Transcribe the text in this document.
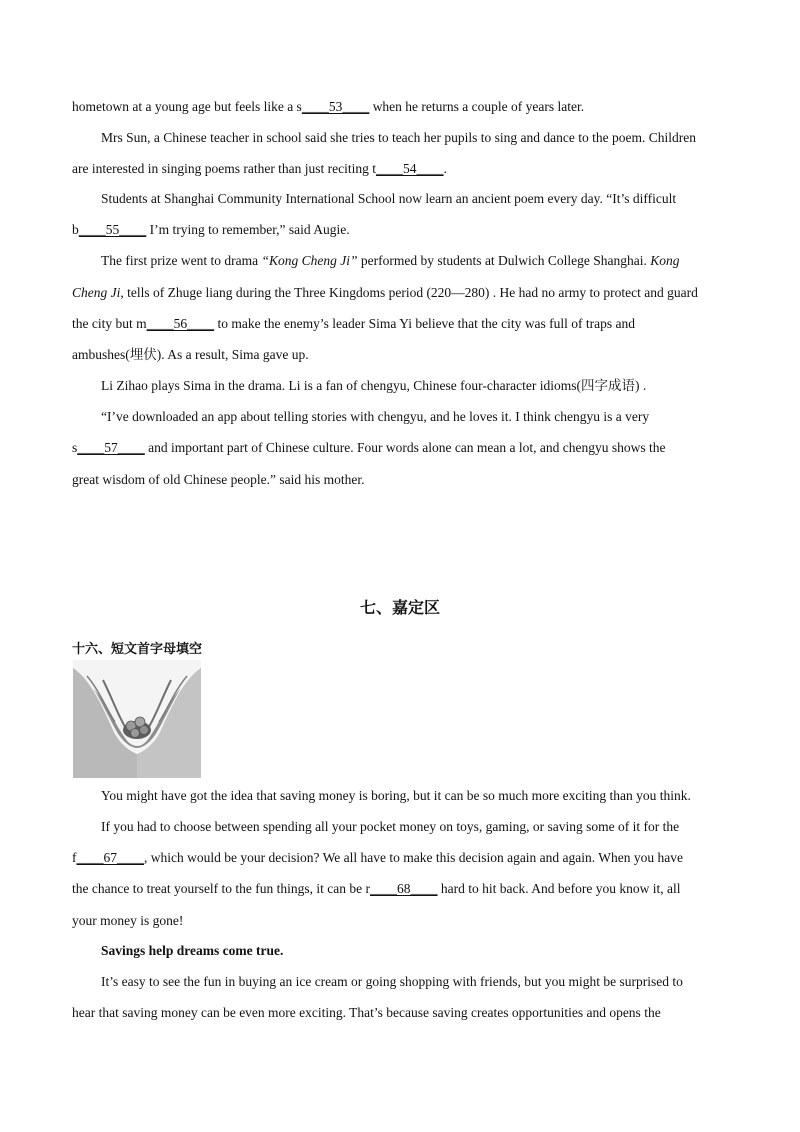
hometown at a young age but feels like a s____53____ when he returns a couple of years later.
Mrs Sun, a Chinese teacher in school said she tries to teach her pupils to sing and dance to the poem. Children
are interested in singing poems rather than just reciting t____54____.
Students at Shanghai Community International School now learn an ancient poem every day. “It’s difficult
b____55____ I’m trying to remember,” said Augie.
The first prize went to drama “Kong Cheng Ji” performed by students at Dulwich College Shanghai. Kong
Cheng Ji, tells of Zhuge liang during the Three Kingdoms period (220—280) . He had no army to protect and guard
the city but m____56____ to make the enemy’s leader Sima Yi believe that the city was full of traps and
ambushes(埋伏). As a result, Sima gave up.
Li Zihao plays Sima in the drama. Li is a fan of chengyu, Chinese four-character idioms(四字成语) .
“I’ve downloaded an app about telling stories with chengyu, and he loves it. I think chengyu is a very
s____57____ and important part of Chinese culture. Four words alone can mean a lot, and chengyu shows the
great wisdom of old Chinese people.” said his mother.
七、嘉定区
十六、短文首字母填空
You might have got the idea that saving money is boring, but it can be so much more exciting than you think.
If you had to choose between spending all your pocket money on toys, gaming, or saving some of it for the
f____67____, which would be your decision? We all have to make this decision again and again. When you have
the chance to treat yourself to the fun things, it can be r____68____ hard to hit back. And before you know it, all
your money is gone!
Savings help dreams come true.
It’s easy to see the fun in buying an ice cream or going shopping with friends, but you might be surprised to
hear that saving money can be even more exciting. That’s because saving creates opportunities and opens the
